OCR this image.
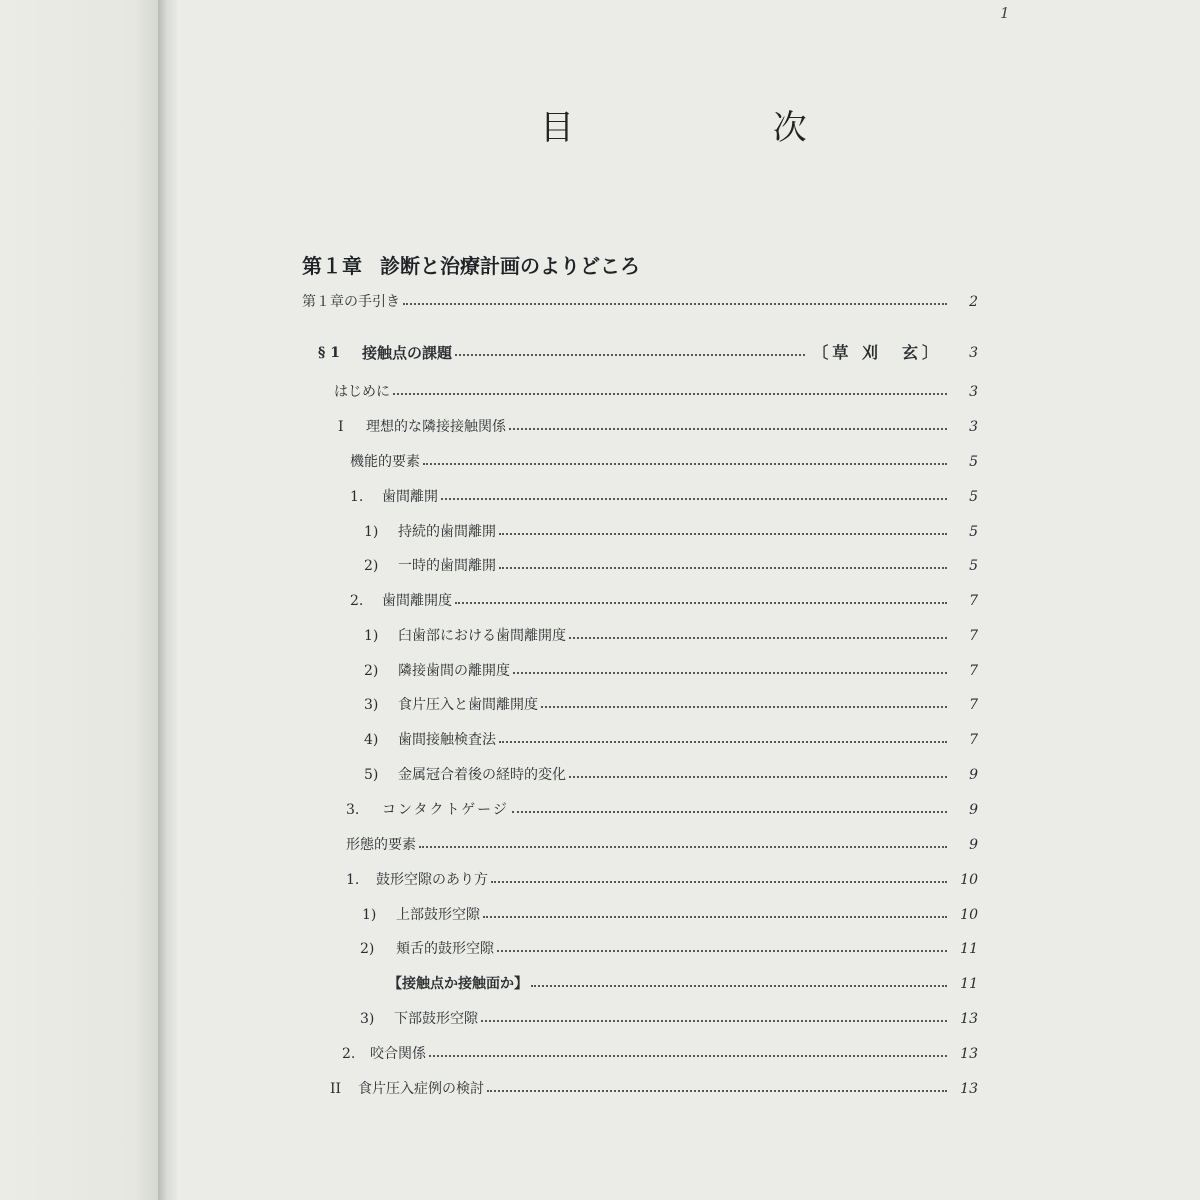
1
目 次
第１章 診断と治療計画のよりどころ
第１章の手引き	2
§ 1	接触点の課題	〔草 刈　玄〕	3
はじめに	3
I	理想的な隣接接触関係	3
機能的要素	5
1.	歯間離開	5
1)	持続的歯間離開	5
2)	一時的歯間離開	5
2.	歯間離開度	7
1)	臼歯部における歯間離開度	7
2)	隣接歯間の離開度	7
3)	食片圧入と歯間離開度	7
4)	歯間接触検査法	7
5)	金属冠合着後の経時的変化	9
3.	コンタクトゲージ	9
形態的要素	9
1.	鼓形空隙のあり方	10
1)	上部鼓形空隙	10
2)	頬舌的鼓形空隙	11
【接触点か接触面か】	11
3)	下部鼓形空隙	13
2.	咬合関係	13
II	食片圧入症例の検討	13
